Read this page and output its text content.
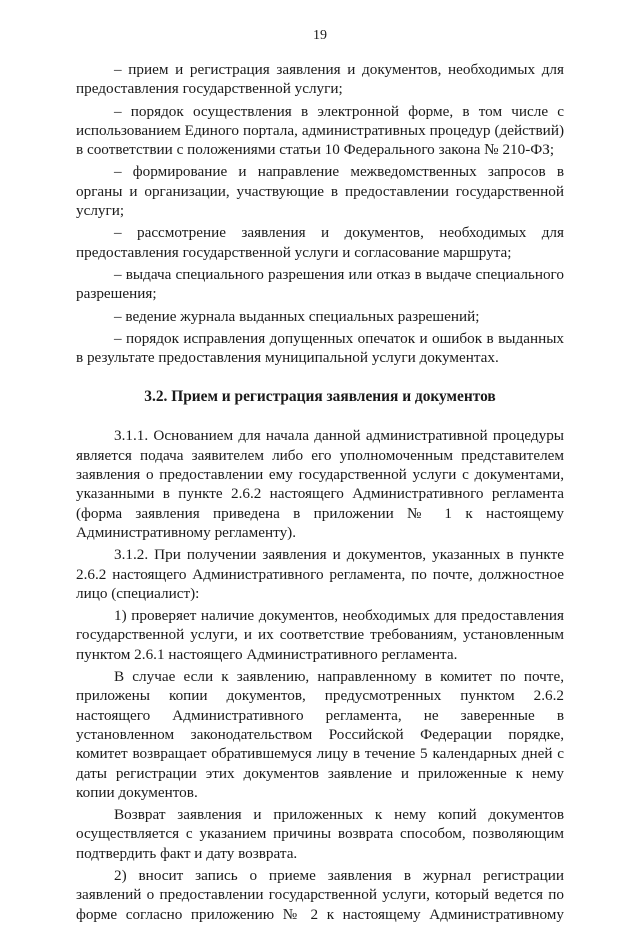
19

– прием и регистрация заявления и документов, необходимых для предоставления государственной услуги;

– порядок осуществления в электронной форме, в том числе с использованием Единого портала, административных процедур (действий) в соответствии с положениями статьи 10 Федерального закона № 210-ФЗ;

– формирование и направление межведомственных запросов в органы и организации, участвующие в предоставлении государственной услуги;

– рассмотрение заявления и документов, необходимых для предоставления государственной услуги и согласование маршрута;

– выдача специального разрешения или отказ в выдаче специального разрешения;

– ведение журнала выданных специальных разрешений;

– порядок исправления допущенных опечаток и ошибок в выданных в результате предоставления муниципальной услуги документах.

3.2. Прием и регистрация заявления и документов

3.1.1. Основанием для начала данной административной процедуры является подача заявителем либо его уполномоченным представителем заявления о предоставлении ему государственной услуги с документами, указанными в пункте 2.6.2 настоящего Административного регламента (форма заявления приведена в приложении № 1 к настоящему Административному регламенту).

3.1.2. При получении заявления и документов, указанных в пункте 2.6.2 настоящего Административного регламента, по почте, должностное лицо (специалист):

1) проверяет наличие документов, необходимых для предоставления государственной услуги, и их соответствие требованиям, установленным пунктом 2.6.1 настоящего Административного регламента.

В случае если к заявлению, направленному в комитет по почте, приложены копии документов, предусмотренных пунктом 2.6.2 настоящего Административного регламента, не заверенные в установленном законодательством Российской Федерации порядке, комитет возвращает обратившемуся лицу в течение 5 календарных дней с даты регистрации этих документов заявление и приложенные к нему копии документов.

Возврат заявления и приложенных к нему копий документов осуществляется с указанием причины возврата способом, позволяющим подтвердить факт и дату возврата.

2) вносит запись о приеме заявления в журнал регистрации заявлений о предоставлении государственной услуги, который ведется по форме согласно приложению № 2 к настоящему Административному
